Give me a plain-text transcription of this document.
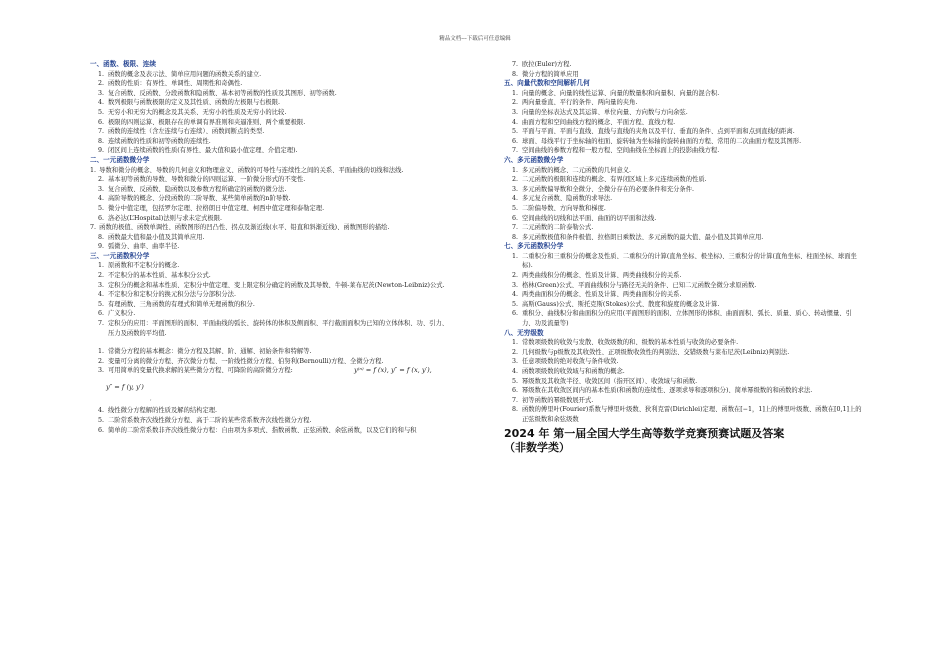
精品文档---下载后可任意编辑
一、函数、极限、连续
1. 函数的概念及表示法、简单应用问题的函数关系的建立.
2. 函数的性质：有界性、单调性、周期性和奇偶性.
3. 复合函数、反函数、分段函数和隐函数、基本初等函数的性质及其图形、初等函数.
4. 数列极限与函数极限的定义及其性质、函数的左极限与右极限.
5. 无穷小和无穷大的概念及其关系、无穷小的性质及无穷小的比较.
6. 极限的四则运算、极限存在的单调有界准则和夹逼准则、两个重要极限.
7. 函数的连续性（含左连续与右连续）、函数间断点的类型.
8. 连续函数的性质和初等函数的连续性.
9. 闭区间上连续函数的性质(有界性、最大值和最小值定理、介值定理).
二、一元函数微分学
1.  导数和微分的概念、导数的几何意义和物理意义、函数的可导性与连续性之间的关系、平面曲线的切线和法线.
2. 基本初等函数的导数、导数和微分的四则运算、一阶微分形式的不变性.
3. 复合函数、反函数、隐函数以及参数方程所确定的函数的微分法.
4. 高阶导数的概念、分段函数的二阶导数、某些简单函数的n阶导数.
5. 微分中值定理，包括罗尔定理、拉格朗日中值定理、柯西中值定理和泰勒定理.
6. 洛必达(L’Hospital)法则与求未定式极限.
7.  函数的极值、函数单调性、函数图形的凹凸性、拐点及渐近线(水平、铅直和斜渐近线)、函数图形的描绘.
8. 函数最大值和最小值及其简单应用.
9. 弧微分、曲率、曲率半径.
三、一元函数积分学
1. 原函数和不定积分的概念.
2. 不定积分的基本性质、基本积分公式.
3. 定积分的概念和基本性质、定积分中值定理、变上限定积分确定的函数及其导数、牛顿-莱布尼茨(Newton-Leibniz)公式.
4. 不定积分和定积分的换元积分法与分部积分法.
5. 有理函数、三角函数的有理式和简单无理函数的积分.
6. 广义积分.
7. 定积分的应用：平面图形的面积、平面曲线的弧长、旋转体的体积及侧面积、平行截面面积为已知的立体体积、功、引力、压力及函数的平均值.
1. 常微分方程的基本概念：微分方程及其解、阶、通解、初始条件和特解等.
2. 变量可分离的微分方程、齐次微分方程、一阶线性微分方程、伯努利(Bernoulli)方程、全微分方程.
3. 可用简单的变量代换求解的某些微分方程、可降阶的高阶微分方程:	y⁽ⁿ⁾ = f (x), y″ = f (x, y′),
y″ = f (y, y′)
,
4. 线性微分方程解的性质及解的结构定理.
5. 二阶常系数齐次线性微分方程、高于二阶的某些常系数齐次线性微分方程.
6. 简单的二阶常系数非齐次线性微分方程：自由项为多项式、指数函数、正弦函数、余弦函数，以及它们的和与积
7. 欧拉(Euler)方程.
8. 微分方程的简单应用
五、向量代数和空间解析几何
1. 向量的概念、向量的线性运算、向量的数量积和向量积、向量的混合积.
2. 两向量垂直、平行的条件、两向量的夹角.
3. 向量的坐标表达式及其运算、单位向量、方向数与方向余弦.
4. 曲面方程和空间曲线方程的概念、平面方程、直线方程.
5. 平面与平面、平面与直线、直线与直线的夹角以及平行、垂直的条件、点到平面和点到直线的距离.
6. 球面、母线平行于坐标轴的柱面、旋转轴为坐标轴的旋转曲面的方程、常用的二次曲面方程及其图形.
7. 空间曲线的参数方程和一般方程、空间曲线在坐标面上的投影曲线方程.
六、多元函数微分学
1. 多元函数的概念、二元函数的几何意义.
2. 二元函数的极限和连续的概念、有界闭区域上多元连续函数的性质.
3. 多元函数偏导数和全微分、全微分存在的必要条件和充分条件.
4. 多元复合函数、隐函数的求导法.
5. 二阶偏导数、方向导数和梯度.
6. 空间曲线的切线和法平面、曲面的切平面和法线.
7. 二元函数的二阶泰勒公式.
8. 多元函数极值和条件极值、拉格朗日乘数法、多元函数的最大值、最小值及其简单应用.
七、多元函数积分学
1. 二重积分和三重积分的概念及性质、二重积分的计算(直角坐标、极坐标)、三重积分的计算(直角坐标、柱面坐标、球面坐标).
2. 两类曲线积分的概念、性质及计算、两类曲线积分的关系.
3. 格林(Green)公式、平面曲线积分与路径无关的条件、已知二元函数全微分求原函数.
4. 两类曲面积分的概念、性质及计算、两类曲面积分的关系.
5. 高斯(Gauss)公式、斯托克斯(Stokes)公式、散度和旋度的概念及计算.
6. 重积分、曲线积分和曲面积分的应用(平面图形的面积、立体图形的体积、曲面面积、弧长、质量、质心、转动惯量、引力、功及流量等)
八、无穷级数
1. 常数项级数的收敛与发散、收敛级数的和、级数的基本性质与收敛的必要条件.
2. 几何级数与p级数及其收敛性、正项级数收敛性的判别法、交错级数与莱布尼茨(Leibniz)判别法.
3. 任意项级数的绝对收敛与条件收敛.
4. 函数项级数的收敛域与和函数的概念.
5. 幂级数及其收敛半径、收敛区间（指开区间）、收敛域与和函数.
6. 幂级数在其收敛区间内的基本性质(和函数的连续性、逐项求导和逐项积分)、简单幂级数的和函数的求法.
7. 初等函数的幂级数展开式.
8. 函数的傅里叶(Fourier)系数与傅里叶级数、狄利克雷(Dirichlei)定理、函数在[−1，1]上的傅里叶级数、函数在[0,1]上的正弦级数和余弦级数
2024 年 第一届全国大学生高等数学竞赛预赛试题及答案
（非数学类）
